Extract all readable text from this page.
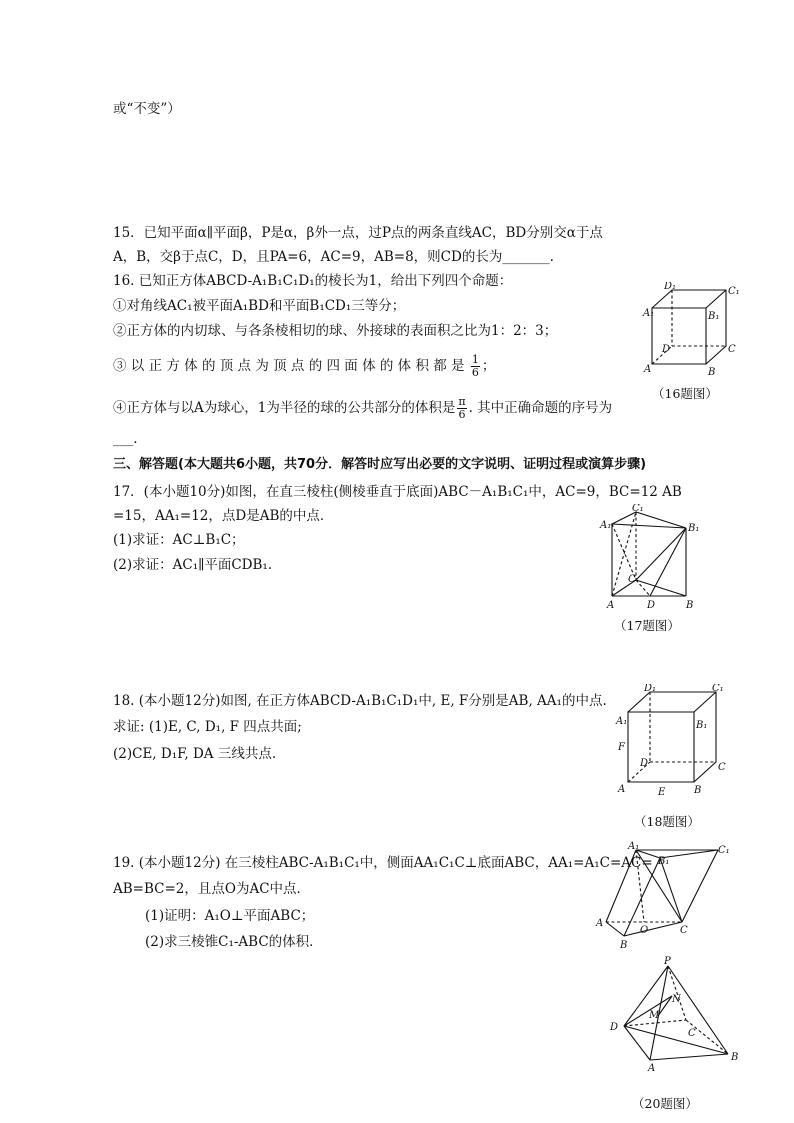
或“不变”）
15．已知平面α∥平面β，P是α，β外一点，过P点的两条直线AC，BD分别交α于点
A，B，交β于点C，D，且PA=6，AC=9，AB=8，则CD的长为_______.
16. 已知正方体ABCD-A₁B₁C₁D₁的棱长为1，给出下列四个命题：
①对角线AC₁被平面A₁BD和平面B₁CD₁三等分；
②正方体的内切球、与各条棱相切的球、外接球的表面积之比为1：2：3；
③ 以 正 方 体 的 顶 点 为 顶 点 的 四 面 体 的 体 积 都 是 $\frac{1}{6}$ ；
④正方体与以A为球心，1为半径的球的公共部分的体积是 $\frac{\pi}{6}$ . 其中正确命题的序号为
___.
三、解答题(本大题共6小题，共70分．解答时应写出必要的文字说明、证明过程或演算步骤)
17．(本小题10分)如图，在直三棱柱(侧棱垂直于底面)ABC－A₁B₁C₁中，AC=9，BC=12 AB
=15，AA₁=12，点D是AB的中点．
(1)求证：AC⊥B₁C；
(2)求证：AC₁∥平面CDB₁.
18. (本小题12分)如图, 在正方体ABCD-A₁B₁C₁D₁中, E, F分别是AB, AA₁的中点.
求证: (1)E, C, D₁, F 四点共面;
(2)CE, D₁F, DA 三线共点.
19. (本小题12分) 在三棱柱ABC-A₁B₁C₁中，侧面AA₁C₁C⊥底面ABC，AA₁=A₁C=AC=
AB=BC=2，且点O为AC中点．
(1)证明：A₁O⊥平面ABC；
(2)求三棱锥C₁-ABC的体积．
D₁	C₁
A₁	B₁
D	C
A	B
（16题图）
C₁
A₁	B₁
C
A	D	B
（17题图）
D₁	C₁
A₁	B₁
F
D	C
A	E	B
（18题图）
A₁
B₁
C₁
A
O	C
B
P
N
M
C
D
B
A
（20题图）
